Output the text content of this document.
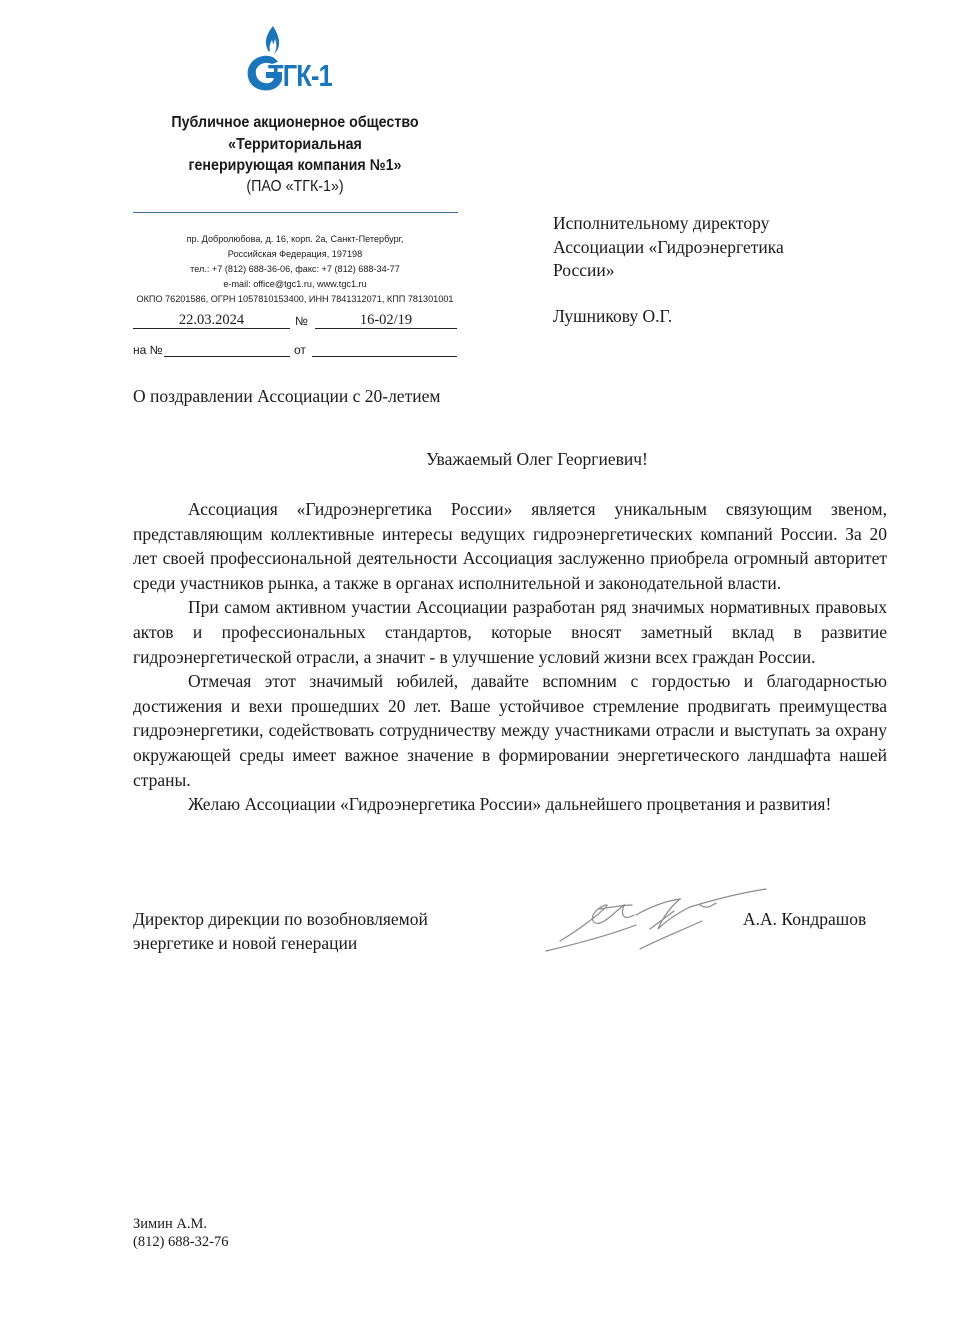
ТГК-1
Публичное акционерное общество
«Территориальная
генерирующая компания №1»
(ПАО «ТГК-1»)
пр. Добролюбова, д. 16, корп. 2а, Санкт-Петербург,
Российская Федерация, 197198
тел.: +7 (812) 688-36-06, факс: +7 (812) 688-34-77
e-mail: office@tgc1.ru, www.tgc1.ru
ОКПО 76201586, ОГРН 1057810153400, ИНН 7841312071, КПП 781301001
22.03.2024	№	16-02/19
на №	от
Исполнительному директору
Ассоциации «Гидроэнергетика
России»
Лушникову О.Г.
О поздравлении Ассоциации с 20-летием
Уважаемый Олег Георгиевич!

Ассоциация «Гидроэнергетика России» является уникальным связующим звеном, представляющим коллективные интересы ведущих гидроэнергетических компаний России. За 20 лет своей профессиональной деятельности Ассоциация заслуженно приобрела огромный авторитет среди участников рынка, а также в органах исполнительной и законодательной власти.

При самом активном участии Ассоциации разработан ряд значимых нормативных правовых актов и профессиональных стандартов, которые вносят заметный вклад в развитие гидроэнергетической отрасли, а значит - в улучшение условий жизни всех граждан России.

Отмечая этот значимый юбилей, давайте вспомним с гордостью и благодарностью достижения и вехи прошедших 20 лет. Ваше устойчивое стремление продвигать преимущества гидроэнергетики, содействовать сотрудничеству между участниками отрасли и выступать за охрану окружающей среды имеет важное значение в формировании энергетического ландшафта нашей страны.

Желаю Ассоциации «Гидроэнергетика России» дальнейшего процветания и развития!

Директор дирекции по возобновляемой
энергетике и новой генерации
А.А. Кондрашов
Зимин А.М.
(812) 688-32-76
